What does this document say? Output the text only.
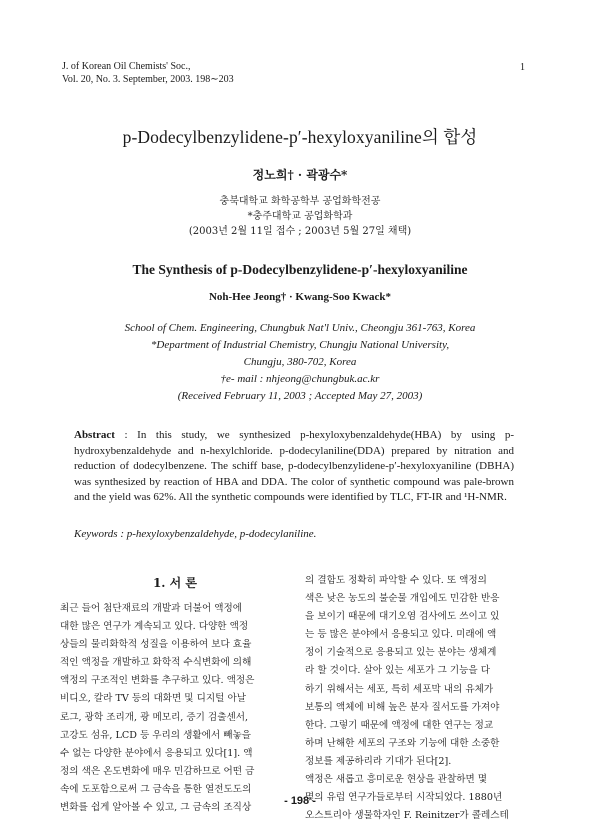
J. of Korean Oil Chemists' Soc.,
Vol. 20, No. 3. September, 2003. 198∼203
1
p-Dodecylbenzylidene-p′-hexyloxyaniline의 합성
정노희† · 곽광수*
충북대학교 화학공학부 공업화학전공
*충주대학교 공업화학과
(2003년 2월 11일 접수 ; 2003년 5월 27일 채택)
The Synthesis of p-Dodecylbenzylidene-p′-hexyloxyaniline
Noh-Hee Jeong† · Kwang-Soo Kwack*
School of Chem. Engineering, Chungbuk Nat'l Univ., Cheongju 361-763, Korea
*Department of Industrial Chemistry, Chungju National University,
Chungju, 380-702, Korea
†e- mail : nhjeong@chungbuk.ac.kr
(Received February 11, 2003 ; Accepted May 27, 2003)
Abstract : In this study, we synthesized p-hexyloxybenzaldehyde(HBA) by using p-hydroxybenzaldehyde and n-hexylchloride. p-dodecylaniline(DDA) prepared by nitration and reduction of dodecylbenzene. The schiff base, p-dodecylbenzylidene-p′-hexyloxyaniline (DBHA) was synthesized by reaction of HBA and DDA. The color of synthetic compound was pale-brown and the yield was 62%. All the synthetic compounds were identified by TLC, FT-IR and ¹H-NMR.
Keywords : p-hexyloxybenzaldehyde, p-dodecylaniline.
1. 서 론
최근 들어 첨단재료의 개발과 더불어 액정에
대한 많은 연구가 계속되고 있다. 다양한 액정
상들의 물리화학적 성질을 이용하여 보다 효율
적인 액정을 개발하고 화학적 수식변화에 의해
액정의 구조적인 변화를 추구하고 있다. 액정은
비디오, 칼라 TV 등의 대화면 및 디지털 아날
로그, 광학 조리개, 광 메모리, 증기 검출센서,
고강도 섬유, LCD 등 우리의 생활에서 빼놓을
수 없는 다양한 분야에서 응용되고 있다[1]. 액
정의 색은 온도변화에 매우 민감하므로 어떤 금
속에 도포함으로써 그 금속을 통한 열전도도의
변화를 쉽게 알아볼 수 있고, 그 금속의 조직상
의 결함도 정확히 파악할 수 있다. 또 액정의
색은 낮은 농도의 불순물 개입에도 민감한 반응
을 보이기 때문에 대기오염 검사에도 쓰이고 있
는 등 많은 분야에서 응용되고 있다. 미래에 액
정이 기술적으로 응용되고 있는 분야는 생체계
라 할 것이다. 살아 있는 세포가 그 기능을 다
하기 위해서는 세포, 특히 세포막 내의 유체가
보통의 액체에 비해 높은 분자 질서도를 가져야
한다. 그렇기 때문에 액정에 대한 연구는 정교
하며 난해한 세포의 구조와 기능에 대한 소중한
정보를 제공하리라 기대가 된다[2].
액정은 새롭고 흥미로운 현상을 관찰하면 몇
몇의 유럽 연구가들로부터 시작되었다. 1880년
오스트리아 생물학자인 F. Reinitzer가 콜레스테
- 198 -
